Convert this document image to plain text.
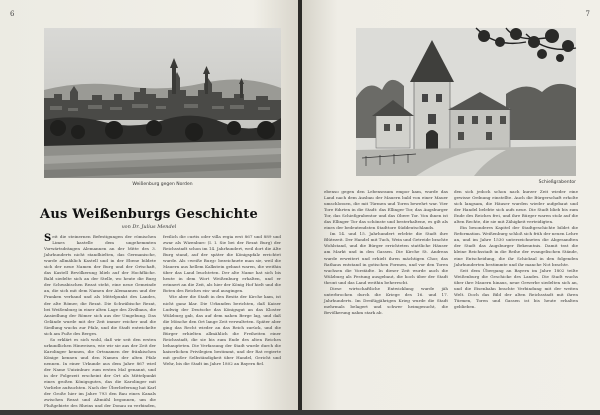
6
Weißenburg gegen Norden
Aus Weißenburgs Geschichte
von Dr. Julius Mendel

Seit die steinernen Befestigungen der römischen Limes kastelle dem ungehemmten Vorwärtsdrängen Alemannen an der Mitte des 3. Jahrhunderts nicht standhielten, das Germanische, wurde allmählich Kastell und in der Ebene bildete sich der neue Namen der Burg und der Ortschaft, das Kastell Bevölkerung blieb auf der Hochfläche. Bald siedelte sich an der Stelle, wo heute die Burg der Schwabischen Rezat steht, eine neue Gemeinde an, die sich mit dem Namen der Alemannen und der Franken verband und als Mittelpunkt des Landes, der alte Römer, die Rezat. Die Schwäbische Rezat, bei Weißenburg in einer alten Lage des Zivilbaus, die Ansiedlung der Römer sich aus der Umgebung. Das Gelände wurde mit der Zeit immer reicher und die Siedlung wuchs zur Pfalz, und die Stadt entwickelte sich am Fuße des Berges.

So erklärt es sich wohl, daß wir seit den ersten urkundlichen Hinweisen, wie wir sie aus der Zeit der Karolinger kennen, die Ortsnamen der fränkischen Könige kennen und den Namen der alten Pfalz nennen. In einer Urkunde aus dem Jahre 867 wird der Name Uuizinburc zum ersten Mal genannt, und in der Folgezeit erscheint der Ort als Mittelpunkt eines großen Königsgutes, das die Karolinger mit Vorliebe aufsuchten. Nach der Überlieferung hat Karl der Große hier im Jahre 793 den Bau eines Kanals zwischen Rezat und Altmühl begonnen, um die Flußgebiete des Rheins und der Donau zu verbinden, die sogenannte Fossa Carolina.

freilich die curtis oder villa regia erst 867 und 889 und zwar als Wizenburc (I. I. Sie bei der Rezat Burg) der Reichsstadt schon im 14. Jahrhundert, weil dort die Alte Burg stand, auf der später die Königspfalz errichtet wurde. Als «weiße Burg» bezeichnete man sie, weil die Mauern aus hellem Kalkstein gebaut waren, die weithin über das Land leuchteten. Der alte Name hat sich bis heute in dem Wort Weißenburg erhalten, und er erinnert an die Zeit, als hier der König Hof hielt und die Boten des Reiches ein- und ausgingen.

Wie aber die Stadt in den Besitz der Kirche kam, ist nicht ganz klar. Die Urkunden berichten, daß Kaiser Ludwig der Deutsche das Königsgut an das Kloster Wülzburg gab, das auf dem nahen Berge lag, und daß die Mönche den Ort lange Zeit verwalteten. Später aber ging das Recht wieder an das Reich zurück, und die Bürger erhielten allmählich die Freiheiten einer Reichsstadt, die sie bis zum Ende des alten Reiches behaupteten. Die Verfassung der Stadt wurde durch die kaiserlichen Privilegien bestimmt, und der Rat regierte mit großer Selbständigkeit über Handel, Gericht und Wehr, bis die Stadt im Jahre 1802 an Bayern fiel.

7
Schießgrabentor

ebenso gegen den Lebensraum empor kam, wurde das Land nach dem Ausbau der Mauern bald von einer Mauer umschlossen, die mit Türmen und Toren bewehrt war. Vier Tore führten in die Stadt: das Ellinger Tor, das Augsburger Tor, das Schießgrabentor und das Obere Tor. Von ihnen ist das Ellinger Tor das schönste und besterhaltene, es gilt als eines der bedeutendsten Stadttore Süddeutschlands.

Im 14. und 15. Jahrhundert erlebte die Stadt ihre Blütezeit. Der Handel mit Tuch, Wein und Getreide brachte Wohlstand, und die Bürger errichteten stattliche Häuser am Markt und in den Gassen. Die Kirche St. Andreas wurde erweitert und erhielt ihren mächtigen Chor, das Rathaus entstand in gotischen Formen, und vor den Toren wuchsen die Vorstädte. In dieser Zeit wurde auch die Wülzburg als Festung ausgebaut, die hoch über der Stadt thront und das Land weithin beherrscht.

Diese wirtschaftliche Entwicklung wurde jäh unterbrochen durch die Kriege des 16. und 17. Jahrhunderts. Im Dreißigjährigen Krieg wurde die Stadt mehrmals belagert und schwer heimgesucht, die Bevölkerung nahm stark ab.

den sich jedoch schon nach kurzer Zeit wieder eine gewisse Ordnung einstellte. Auch die Bürgerschaft erholte sich langsam, die Häuser wurden wieder aufgebaut und der Handel belebte sich aufs neue. Die Stadt blieb bis zum Ende des Reiches frei, und ihre Bürger waren stolz auf die alten Rechte, die sie mit Zähigkeit verteidigten.

Ein besonderes Kapitel der Stadtgeschichte bildet die Reformation. Weißenburg schloß sich früh der neuen Lehre an, und im Jahre 1530 unterzeichneten die Abgesandten der Stadt das Augsburger Bekenntnis. Damit trat die kleine Reichsstadt in die Reihe der evangelischen Stände, eine Entscheidung, die ihr Schicksal in den folgenden Jahrhunderten bestimmte und ihr manche Not brachte.

Seit dem Übergang an Bayern im Jahre 1802 teilte Weißenburg die Geschicke des Landes. Die Stadt wuchs über ihre Mauern hinaus, neue Gewerbe siedelten sich an, und die Eisenbahn brachte Verbindung mit der weiten Welt. Doch das Bild der alten Reichsstadt mit ihren Türmen, Toren und Gassen ist bis heute erhalten geblieben.
